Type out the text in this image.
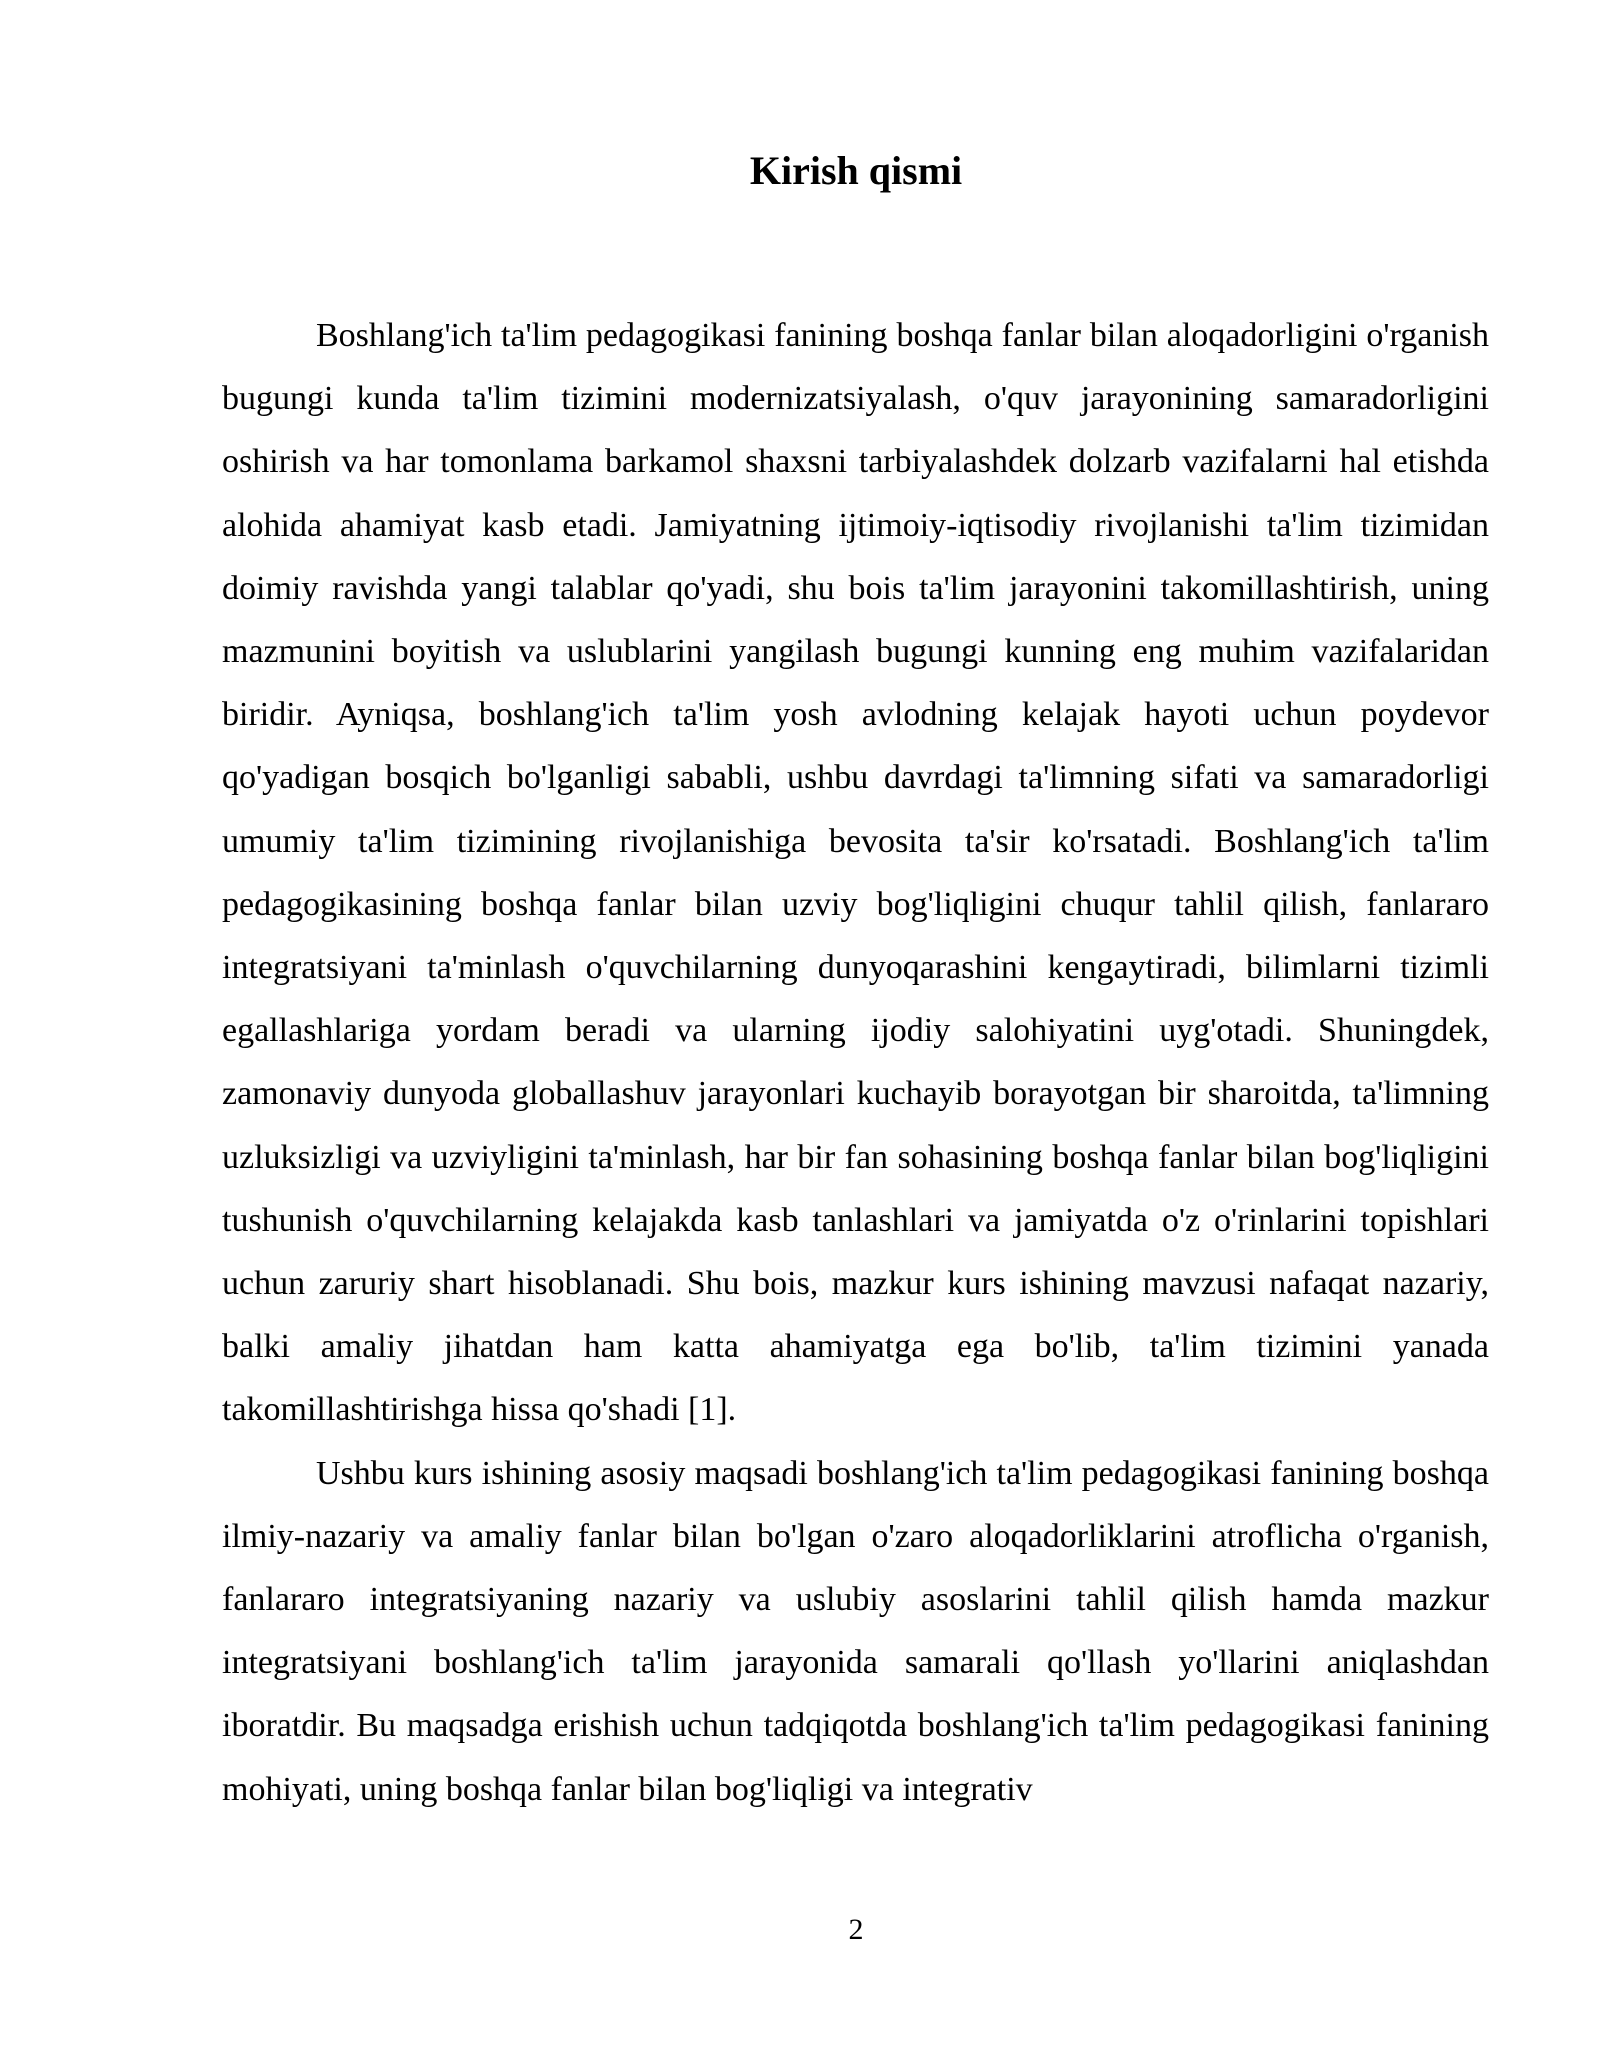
Kirish qismi

Boshlang'ich ta'lim pedagogikasi fanining boshqa fanlar bilan aloqadorligini o'rganish bugungi kunda ta'lim tizimini modernizatsiyalash, o'quv jarayonining samaradorligini oshirish va har tomonlama barkamol shaxsni tarbiyalashdek dolzarb vazifalarni hal etishda alohida ahamiyat kasb etadi. Jamiyatning ijtimoiy-iqtisodiy rivojlanishi ta'lim tizimidan doimiy ravishda yangi talablar qo'yadi, shu bois ta'lim jarayonini takomillashtirish, uning mazmunini boyitish va uslublarini yangilash bugungi kunning eng muhim vazifalaridan biridir. Ayniqsa, boshlang'ich ta'lim yosh avlodning kelajak hayoti uchun poydevor qo'yadigan bosqich bo'lganligi sababli, ushbu davrdagi ta'limning sifati va samaradorligi umumiy ta'lim tizimining rivojlanishiga bevosita ta'sir ko'rsatadi. Boshlang'ich ta'lim pedagogikasining boshqa fanlar bilan uzviy bog'liqligini chuqur tahlil qilish, fanlararo integratsiyani ta'minlash o'quvchilarning dunyoqarashini kengaytiradi, bilimlarni tizimli egallashlariga yordam beradi va ularning ijodiy salohiyatini uyg'otadi. Shuningdek, zamonaviy dunyoda globallashuv jarayonlari kuchayib borayotgan bir sharoitda, ta'limning uzluksizligi va uzviyligini ta'minlash, har bir fan sohasining boshqa fanlar bilan bog'liqligini tushunish o'quvchilarning kelajakda kasb tanlashlari va jamiyatda o'z o'rinlarini topishlari uchun zaruriy shart hisoblanadi. Shu bois, mazkur kurs ishining mavzusi nafaqat nazariy, balki amaliy jihatdan ham katta ahamiyatga ega bo'lib, ta'lim tizimini yanada takomillashtirishga hissa qo'shadi [1].

Ushbu kurs ishining asosiy maqsadi boshlang'ich ta'lim pedagogikasi fanining boshqa ilmiy-nazariy va amaliy fanlar bilan bo'lgan o'zaro aloqadorliklarini atroflicha o'rganish, fanlararo integratsiyaning nazariy va uslubiy asoslarini tahlil qilish hamda mazkur integratsiyani boshlang'ich ta'lim jarayonida samarali qo'llash yo'llarini aniqlashdan iboratdir. Bu maqsadga erishish uchun tadqiqotda boshlang'ich ta'lim pedagogikasi fanining mohiyati, uning boshqa fanlar bilan bog'liqligi va integrativ

2
